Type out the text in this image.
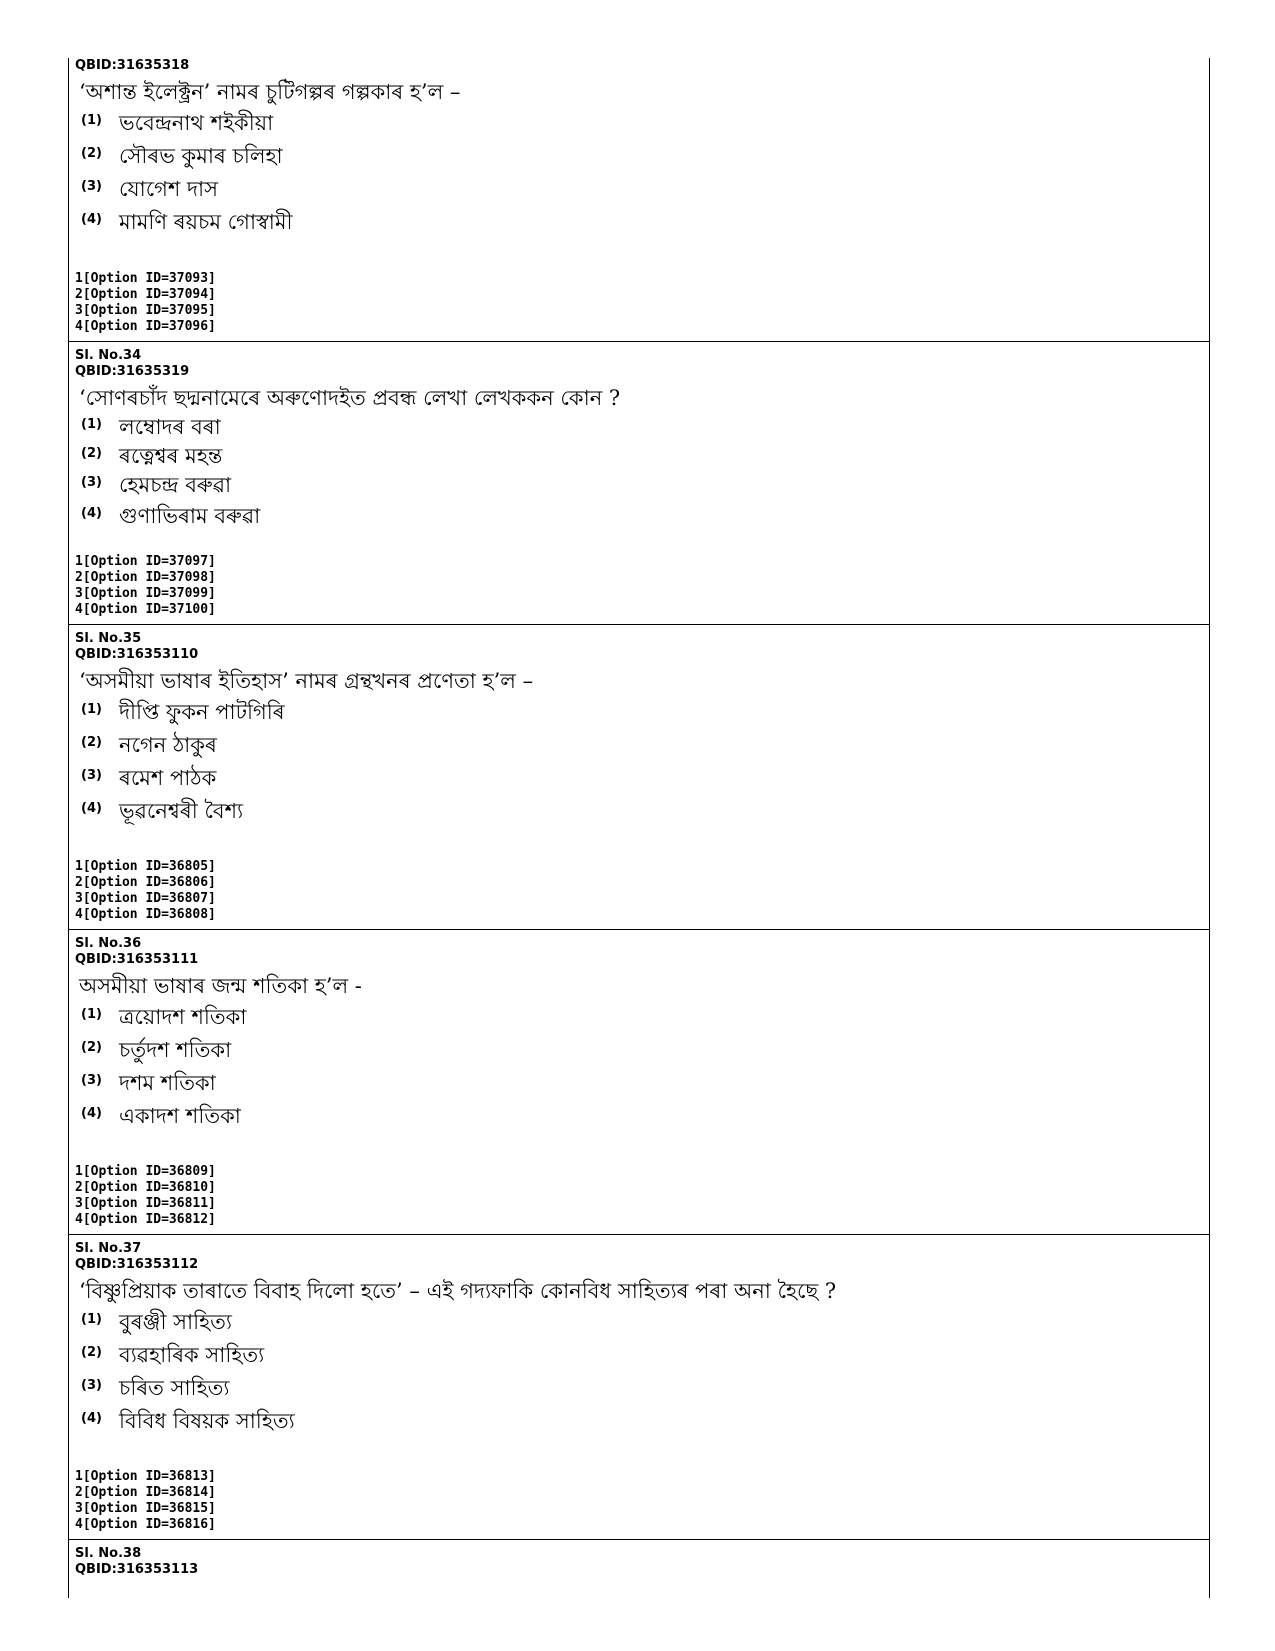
QBID:31635318
‘অশান্ত ইলেক্ট্ৰন’ নামৰ চুটিগল্পৰ গল্পকাৰ হ’ল –
(1) ভবেন্দ্ৰনাথ শইকীয়া
(2) সৌৰভ কুমাৰ চলিহা
(3) যোগেশ দাস
(4) মামণি ৰয়চম গোস্বামী
1[Option ID=37093]
2[Option ID=37094]
3[Option ID=37095]
4[Option ID=37096]
Sl. No.34
QBID:31635319
‘সোণৰচাঁদ ছদ্মনামেৰে অৰুণোদইত প্ৰবন্ধ লেখা লেখককন কোন ?
(1) লম্বোদৰ বৰা
(2) ৰত্নেশ্বৰ মহন্ত
(3) হেমচন্দ্ৰ বৰুৱা
(4) গুণাভিৰাম বৰুৱা
1[Option ID=37097]
2[Option ID=37098]
3[Option ID=37099]
4[Option ID=37100]
Sl. No.35
QBID:316353110
‘অসমীয়া ভাষাৰ ইতিহাস’ নামৰ গ্ৰন্থখনৰ প্ৰণেতা হ’ল –
(1) দীপ্তি ফুকন পাটগিৰি
(2) নগেন ঠাকুৰ
(3) ৰমেশ পাঠক
(4) ভূৱনেশ্বৰী বৈশ্য
1[Option ID=36805]
2[Option ID=36806]
3[Option ID=36807]
4[Option ID=36808]
Sl. No.36
QBID:316353111
অসমীয়া ভাষাৰ জন্ম শতিকা হ’ল -
(1) ত্ৰয়োদশ শতিকা
(2) চৰ্তুদশ শতিকা
(3) দশম শতিকা
(4) একাদশ শতিকা
1[Option ID=36809]
2[Option ID=36810]
3[Option ID=36811]
4[Option ID=36812]
Sl. No.37
QBID:316353112
‘বিষ্ণুপ্ৰিয়াক তাৰাতে বিবাহ দিলো হতে’ – এই গদ্যফাকি কোনবিধ সাহিত্যৰ পৰা অনা হৈছে ?
(1) বুৰঞ্জী সাহিত্য
(2) ব্যৱহাৰিক সাহিত্য
(3) চৰিত সাহিত্য
(4) বিবিধ বিষয়ক সাহিত্য
1[Option ID=36813]
2[Option ID=36814]
3[Option ID=36815]
4[Option ID=36816]
Sl. No.38
QBID:316353113
